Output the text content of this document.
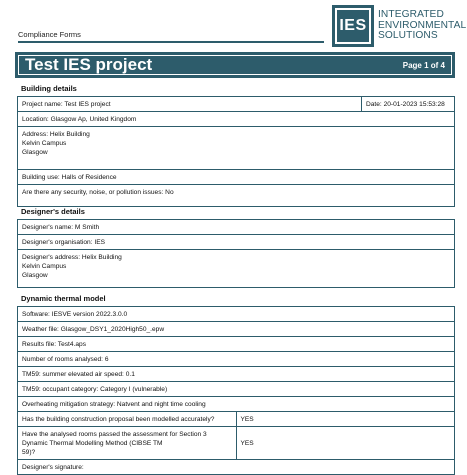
Compliance Forms
IES
INTEGRATED
ENVIRONMENTAL
SOLUTIONS
Test IES project	Page 1 of 4
Building details
Project name: Test IES project	Date: 20-01-2023 15:53:28
Location: Glasgow Ap, United Kingdom

Address: Helix Building
Kelvin Campus
Glasgow

Building use: Halls of Residence
Are there any security, noise, or pollution issues: No
Designer's details
Designer's name: M Smith
Designer's organisation: IES

Designer's address: Helix Building
Kelvin Campus
Glasgow
Dynamic thermal model
Software: IESVE version 2022.3.0.0	
Weather file: Glasgow_DSY1_2020High50_.epw	
Results file: Test4.aps	
Number of rooms analysed: 6	
TM59: summer elevated air speed: 0.1	
TM59: occupant category: Category I (vulnerable)	
Overheating mitigation strategy: Natvent and night time cooling	
Has the building construction proposal been modelled accurately?	YES

Have the analysed rooms passed the assessment for Section 3 Dynamic Thermal Modelling Method (CIBSE TM
59)?	YES
Designer's signature:	
